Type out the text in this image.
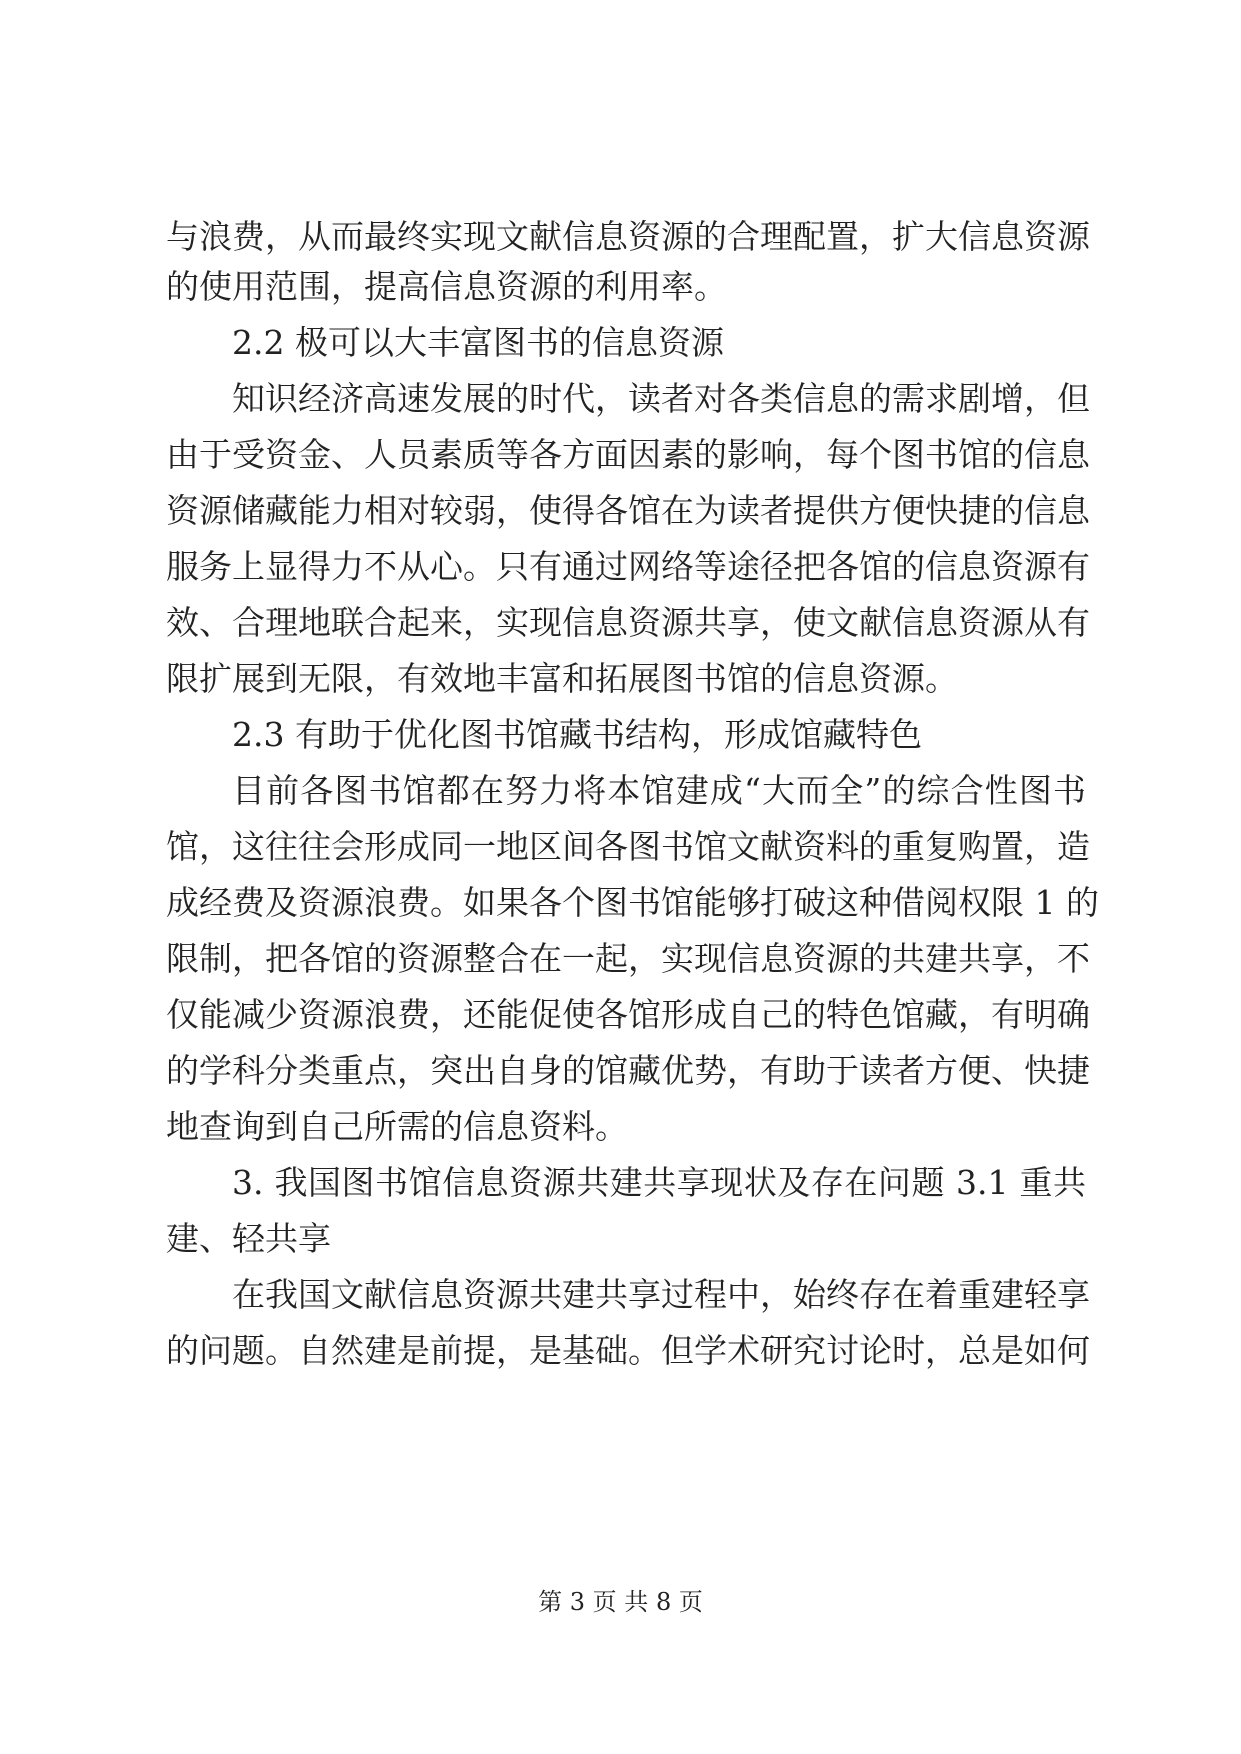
与浪费，从而最终实现文献信息资源的合理配置，扩大信息资源
的使用范围，提高信息资源的利用率。
2.2 极可以大丰富图书的信息资源
知识经济高速发展的时代，读者对各类信息的需求剧增，但
由于受资金、人员素质等各方面因素的影响，每个图书馆的信息
资源储藏能力相对较弱，使得各馆在为读者提供方便快捷的信息
服务上显得力不从心。只有通过网络等途径把各馆的信息资源有
效、合理地联合起来，实现信息资源共享，使文献信息资源从有
限扩展到无限，有效地丰富和拓展图书馆的信息资源。
2.3 有助于优化图书馆藏书结构，形成馆藏特色
目前各图书馆都在努力将本馆建成“大而全”的综合性图书
馆，这往往会形成同一地区间各图书馆文献资料的重复购置，造
成经费及资源浪费。如果各个图书馆能够打破这种借阅权限 1 的
限制，把各馆的资源整合在一起，实现信息资源的共建共享，不
仅能减少资源浪费，还能促使各馆形成自己的特色馆藏，有明确
的学科分类重点，突出自身的馆藏优势，有助于读者方便、快捷
地查询到自己所需的信息资料。
3. 我国图书馆信息资源共建共享现状及存在问题 3.1 重共
建、轻共享
在我国文献信息资源共建共享过程中，始终存在着重建轻享
的问题。自然建是前提，是基础。但学术研究讨论时，总是如何
第 3 页 共 8 页
